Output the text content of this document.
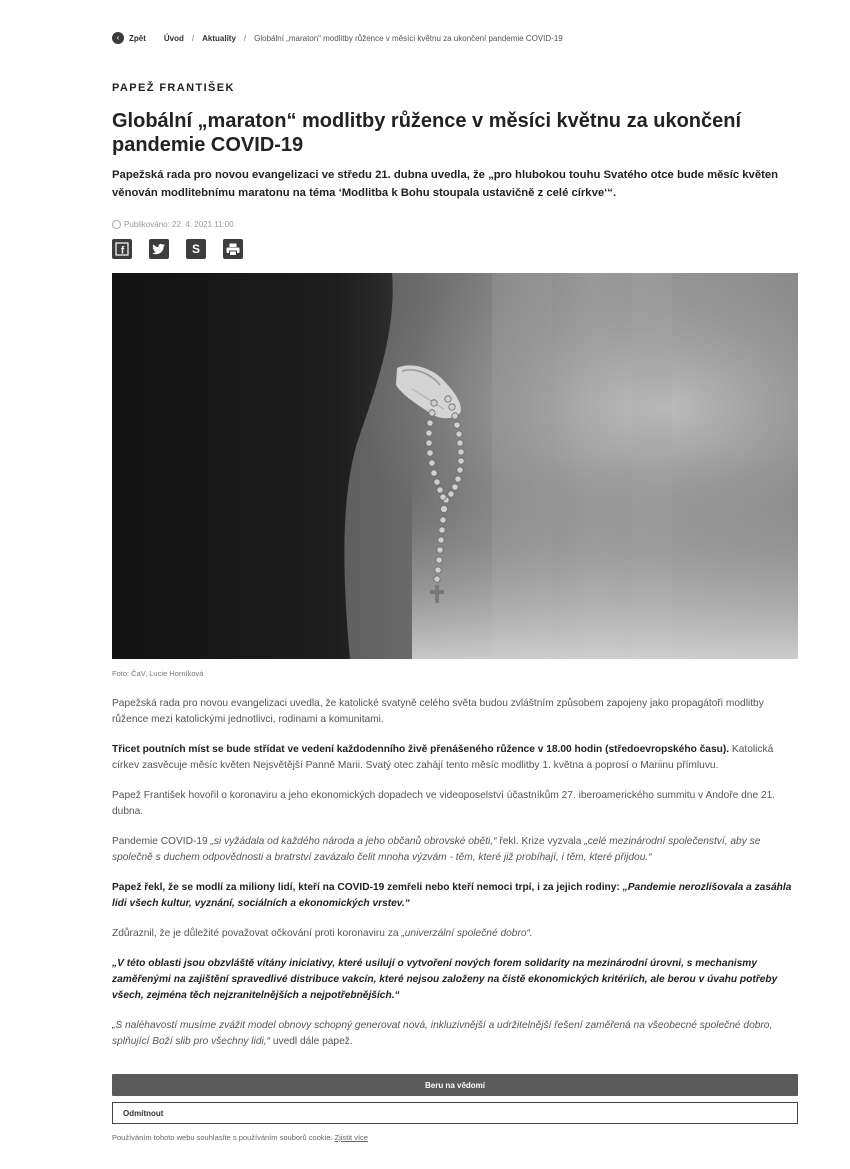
‹	Zpět Úvod / Aktuality / Globální „maraton“ modlitby růžence v měsíci květnu za ukončení pandemie COVID-19
PAPEŽ FRANTIŠEK
Globální „maraton“ modlitby růžence v měsíci květnu za ukončení pandemie COVID-19

Papežská rada pro novou evangelizaci ve středu 21. dubna uvedla, že „pro hlubokou touhu Svatého otce bude měsíc květen věnován modlitebnímu maratonu na téma ‘Modlitba k Bohu stoupala ustavičně z celé církve‘“.

Publikováno: 22. 4. 2021 11:00
f	S
Foto: ČaV, Lucie Horníková

Papežská rada pro novou evangelizaci uvedla, že katolické svatyně celého světa budou zvláštním způsobem zapojeny jako propagátoři modlitby růžence mezi katolickými jednotlivci, rodinami a komunitami.

Třicet poutních míst se bude střídat ve vedení každodenního živě přenášeného růžence v 18.00 hodin (středoevropského času). Katolická církev zasvěcuje měsíc květen Nejsvětější Panně Marii. Svatý otec zahájí tento měsíc modlitby 1. května a poprosí o Mariinu přímluvu.

Papež František hovořil o koronaviru a jeho ekonomických dopadech ve videoposelství účastníkům 27. iberoamerického summitu v Andoře dne 21. dubna.

Pandemie COVID-19 „si vyžádala od každého národa a jeho občanů obrovské oběti,“ řekl. Krize vyzvala „celé mezinárodní společenství, aby se společně s duchem odpovědnosti a bratrství zavázalo čelit mnoha výzvám - těm, které již probíhají, i těm, které přijdou.“

Papež řekl, že se modlí za miliony lidí, kteří na COVID-19 zemřeli nebo kteří nemoci trpí, i za jejich rodiny: „Pandemie nerozlišovala a zasáhla lidi všech kultur, vyznání, sociálních a ekonomických vrstev.“

Zdůraznil, že je důležité považovat očkování proti koronaviru za „univerzální společné dobro“.

„V této oblasti jsou obzvláště vítány iniciativy, které usilují o vytvoření nových forem solidarity na mezinárodní úrovni, s mechanismy zaměřenými na zajištění spravedlivé distribuce vakcín, které nejsou založeny na čistě ekonomických kritériích, ale berou v úvahu potřeby všech, zejména těch nejzranitelnějších a nejpotřebnějších.“

„S naléhavostí musíme zvážit model obnovy schopný generovat nová, inkluzivnější a udržitelnější řešení zaměřená na všeobecné společné dobro, splňující Boží slib pro všechny lidi,“ uvedl dále papež.

Beru na vědomí
Odmítnout
Používáním tohoto webu souhlasíte s používáním souborů cookie. Zjistit více
